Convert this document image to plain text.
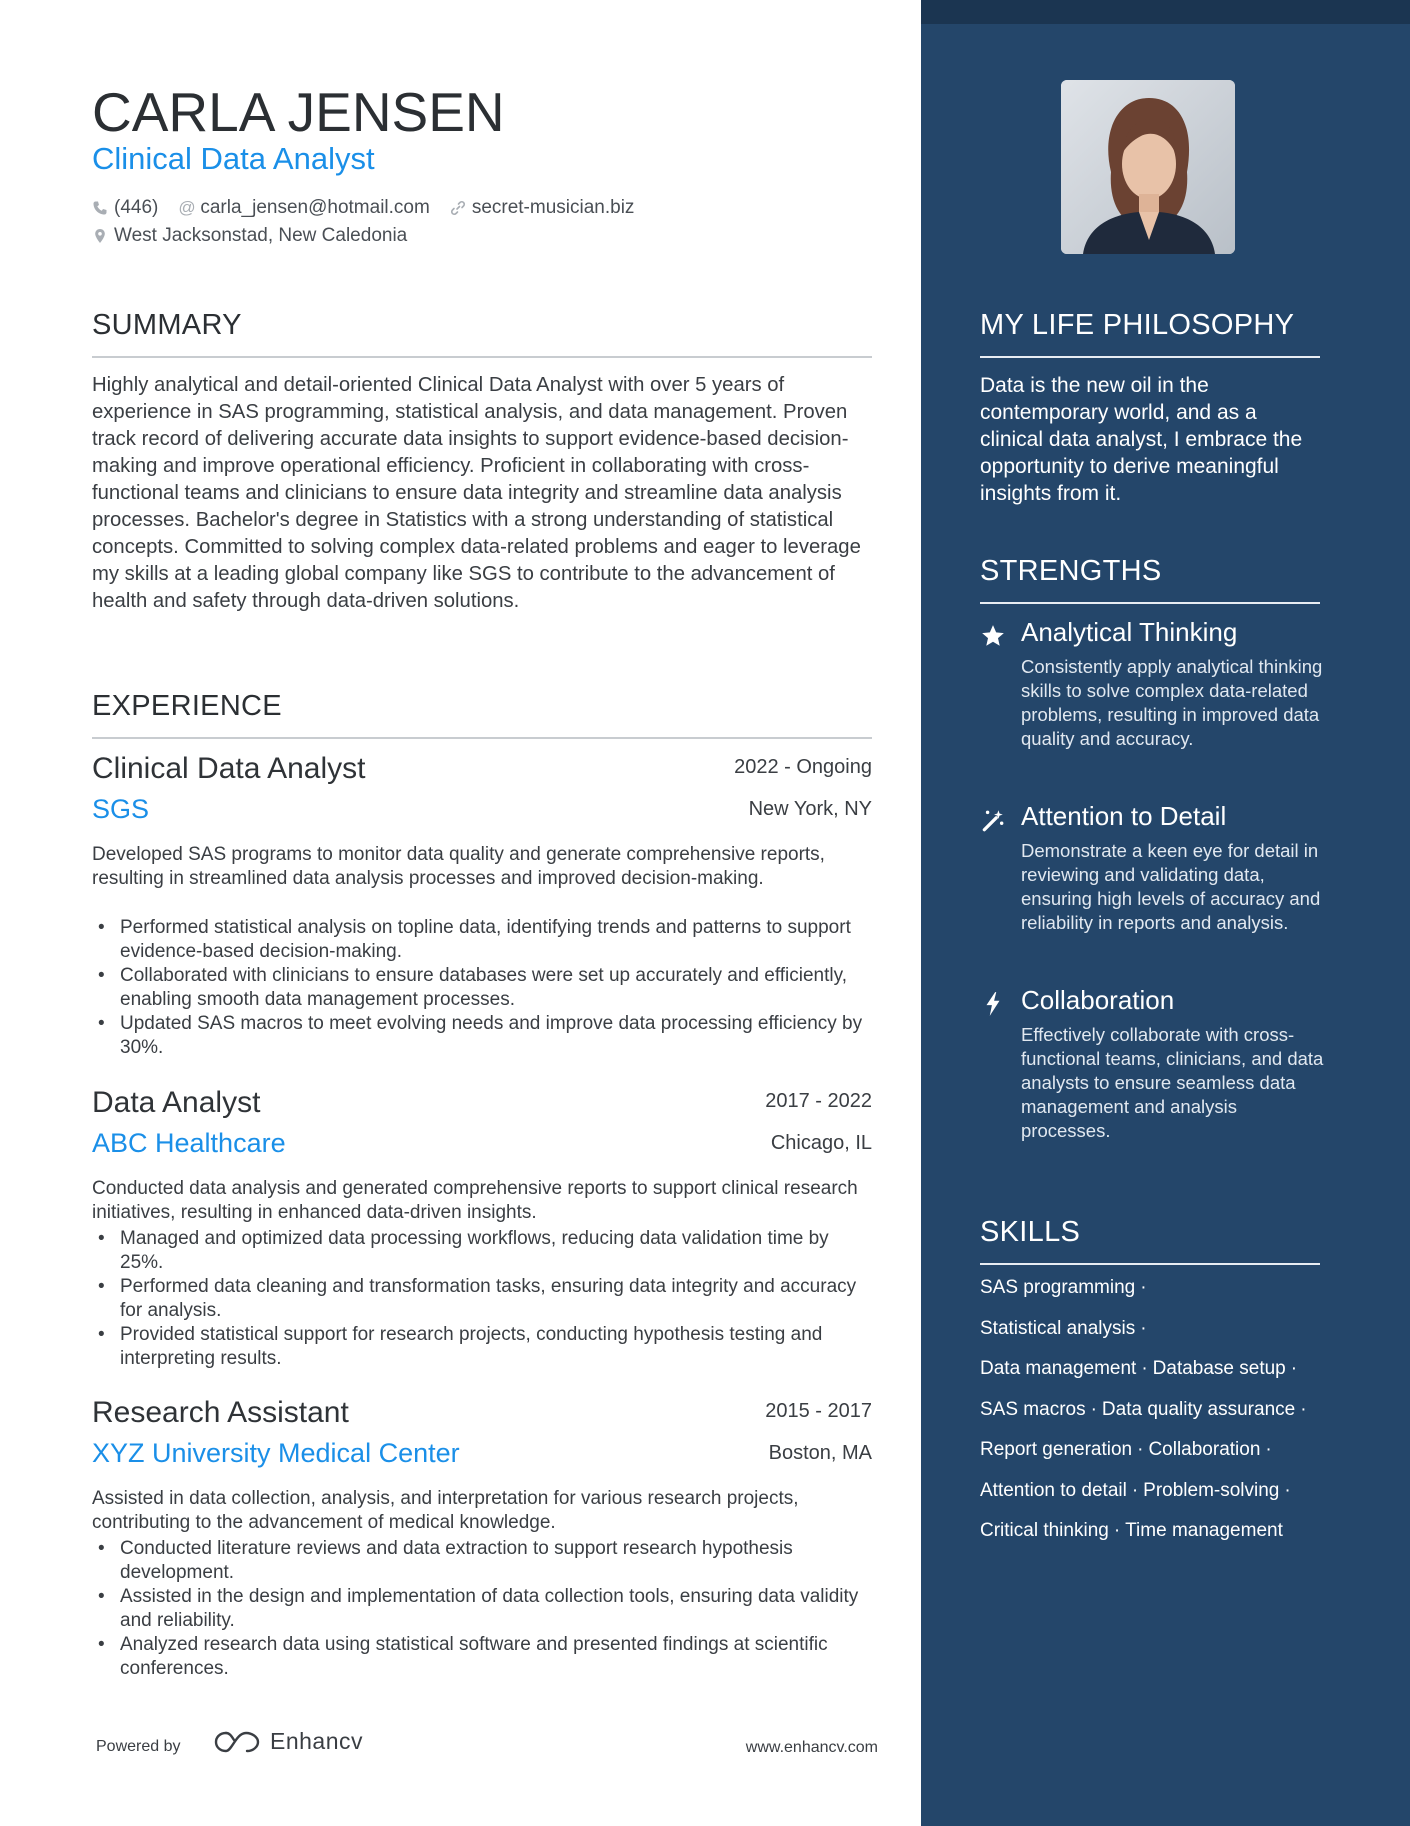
CARLA JENSEN
Clinical Data Analyst
(446) @ carla_jensen@hotmail.com secret-musician.biz
West Jacksonstad, New Caledonia
SUMMARY
Highly analytical and detail-oriented Clinical Data Analyst with over 5 years of experience in SAS programming, statistical analysis, and data management. Proven track record of delivering accurate data insights to support evidence-based decision-making and improve operational efficiency. Proficient in collaborating with cross-functional teams and clinicians to ensure data integrity and streamline data analysis processes. Bachelor's degree in Statistics with a strong understanding of statistical concepts. Committed to solving complex data-related problems and eager to leverage my skills at a leading global company like SGS to contribute to the advancement of health and safety through data-driven solutions.
EXPERIENCE
Clinical Data Analyst	2022 - Ongoing
SGS	New York, NY
Developed SAS programs to monitor data quality and generate comprehensive reports, resulting in streamlined data analysis processes and improved decision-making.
• Performed statistical analysis on topline data, identifying trends and patterns to support evidence-based decision-making.
• Collaborated with clinicians to ensure databases were set up accurately and efficiently, enabling smooth data management processes.
• Updated SAS macros to meet evolving needs and improve data processing efficiency by 30%.
Data Analyst	2017 - 2022
ABC Healthcare	Chicago, IL
Conducted data analysis and generated comprehensive reports to support clinical research initiatives, resulting in enhanced data-driven insights.
• Managed and optimized data processing workflows, reducing data validation time by 25%.
• Performed data cleaning and transformation tasks, ensuring data integrity and accuracy for analysis.
• Provided statistical support for research projects, conducting hypothesis testing and interpreting results.
Research Assistant	2015 - 2017
XYZ University Medical Center	Boston, MA
Assisted in data collection, analysis, and interpretation for various research projects, contributing to the advancement of medical knowledge.
• Conducted literature reviews and data extraction to support research hypothesis development.
• Assisted in the design and implementation of data collection tools, ensuring data validity and reliability.
• Analyzed research data using statistical software and presented findings at scientific conferences.
Powered by	Enhancv	www.enhancv.com
MY LIFE PHILOSOPHY
Data is the new oil in the contemporary world, and as a clinical data analyst, I embrace the opportunity to derive meaningful insights from it.
STRENGTHS
Analytical Thinking
Consistently apply analytical thinking skills to solve complex data-related problems, resulting in improved data quality and accuracy.
Attention to Detail
Demonstrate a keen eye for detail in reviewing and validating data, ensuring high levels of accuracy and reliability in reports and analysis.
Collaboration
Effectively collaborate with cross-functional teams, clinicians, and data analysts to ensure seamless data management and analysis processes.
SKILLS
SAS programming ·
Statistical analysis ·
Data management · Database setup ·
SAS macros · Data quality assurance ·
Report generation · Collaboration ·
Attention to detail · Problem-solving ·
Critical thinking · Time management
